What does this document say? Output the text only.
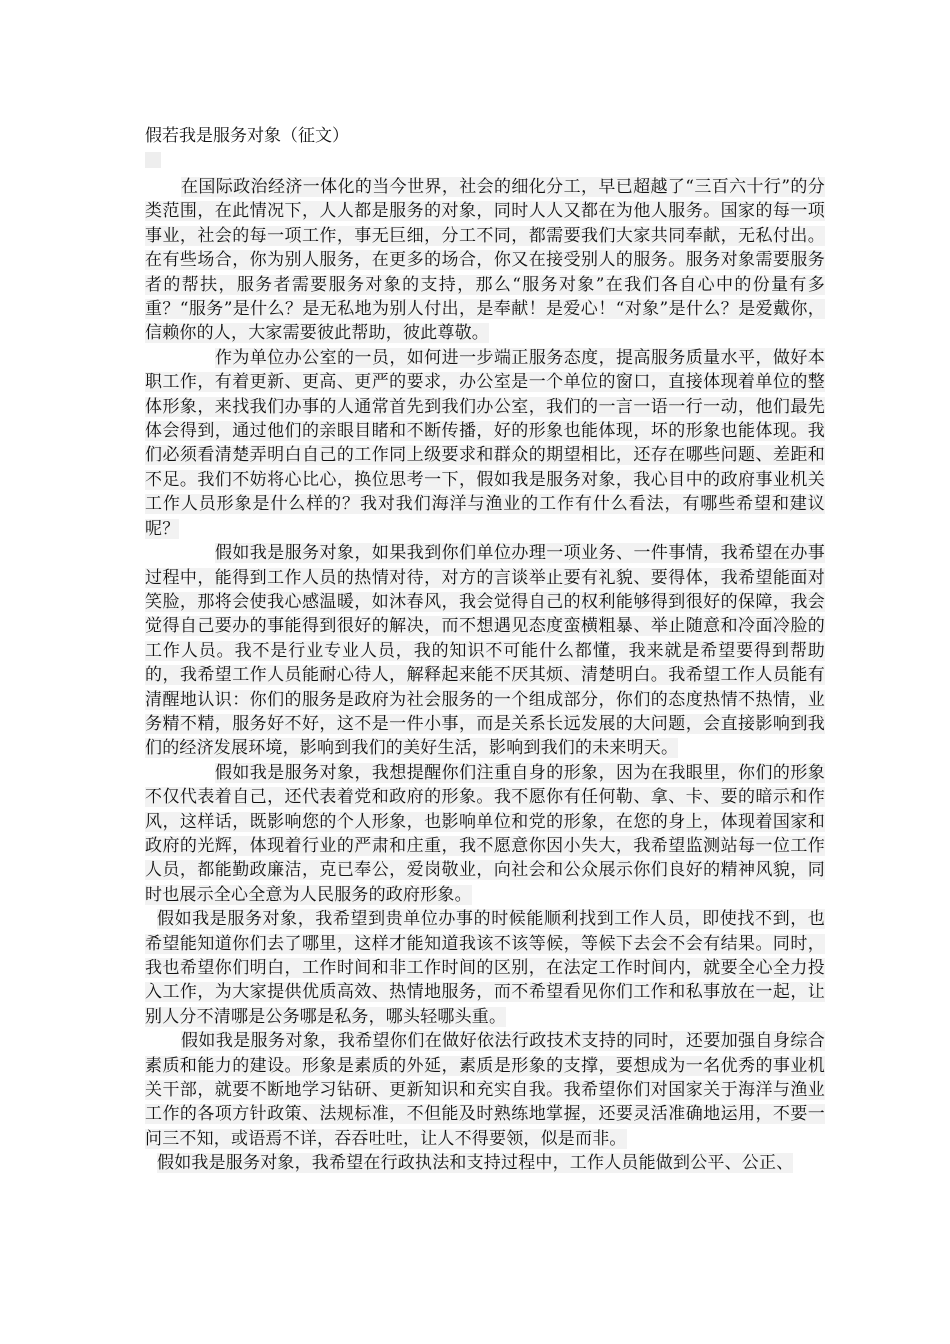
假若我是服务对象（征文）

在国际政治经济一体化的当今世界，社会的细化分工，早已超越了“三百六十行”的分类范围，在此情况下，人人都是服务的对象，同时人人又都在为他人服务。国家的每一项事业，社会的每一项工作，事无巨细，分工不同，都需要我们大家共同奉献，无私付出。在有些场合，你为别人服务，在更多的场合，你又在接受别人的服务。服务对象需要服务者的帮扶，服务者需要服务对象的支持，那么“服务对象”在我们各自心中的份量有多重？“服务”是什么？是无私地为别人付出，是奉献！是爱心！“对象”是什么？是爱戴你，信赖你的人，大家需要彼此帮助，彼此尊敬。

作为单位办公室的一员，如何进一步端正服务态度，提高服务质量水平，做好本职工作，有着更新、更高、更严的要求，办公室是一个单位的窗口，直接体现着单位的整体形象，来找我们办事的人通常首先到我们办公室，我们的一言一语一行一动，他们最先体会得到，通过他们的亲眼目睹和不断传播，好的形象也能体现，坏的形象也能体现。我们必须看清楚弄明白自己的工作同上级要求和群众的期望相比，还存在哪些问题、差距和不足。我们不妨将心比心，换位思考一下，假如我是服务对象，我心目中的政府事业机关工作人员形象是什么样的？我对我们海洋与渔业的工作有什么看法，有哪些希望和建议呢？

假如我是服务对象，如果我到你们单位办理一项业务、一件事情，我希望在办事过程中，能得到工作人员的热情对待，对方的言谈举止要有礼貌、要得体，我希望能面对笑脸，那将会使我心感温暖，如沐春风，我会觉得自己的权利能够得到很好的保障，我会觉得自己要办的事能得到很好的解决，而不想遇见态度蛮横粗暴、举止随意和冷面冷脸的工作人员。我不是行业专业人员，我的知识不可能什么都懂，我来就是希望要得到帮助的，我希望工作人员能耐心待人，解释起来能不厌其烦、清楚明白。我希望工作人员能有清醒地认识：你们的服务是政府为社会服务的一个组成部分，你们的态度热情不热情，业务精不精，服务好不好，这不是一件小事，而是关系长远发展的大问题，会直接影响到我们的经济发展环境，影响到我们的美好生活，影响到我们的未来明天。

假如我是服务对象，我想提醒你们注重自身的形象，因为在我眼里，你们的形象不仅代表着自己，还代表着党和政府的形象。我不愿你有任何勒、拿、卡、要的暗示和作风，这样话，既影响您的个人形象，也影响单位和党的形象，在您的身上，体现着国家和政府的光辉，体现着行业的严肃和庄重，我不愿意你因小失大，我希望监测站每一位工作人员，都能勤政廉洁，克已奉公，爱岗敬业，向社会和公众展示你们良好的精神风貌，同时也展示全心全意为人民服务的政府形象。

假如我是服务对象，我希望到贵单位办事的时候能顺利找到工作人员，即使找不到，也希望能知道你们去了哪里，这样才能知道我该不该等候，等候下去会不会有结果。同时，我也希望你们明白，工作时间和非工作时间的区别，在法定工作时间内，就要全心全力投入工作，为大家提供优质高效、热情地服务，而不希望看见你们工作和私事放在一起，让别人分不清哪是公务哪是私务，哪头轻哪头重。

假如我是服务对象，我希望你们在做好依法行政技术支持的同时，还要加强自身综合素质和能力的建设。形象是素质的外延，素质是形象的支撑，要想成为一名优秀的事业机关干部，就要不断地学习钻研、更新知识和充实自我。我希望你们对国家关于海洋与渔业工作的各项方针政策、法规标准，不但能及时熟练地掌握，还要灵活准确地运用，不要一问三不知，或语焉不详，吞吞吐吐，让人不得要领，似是而非。

假如我是服务对象，我希望在行政执法和支持过程中，工作人员能做到公平、公正、
